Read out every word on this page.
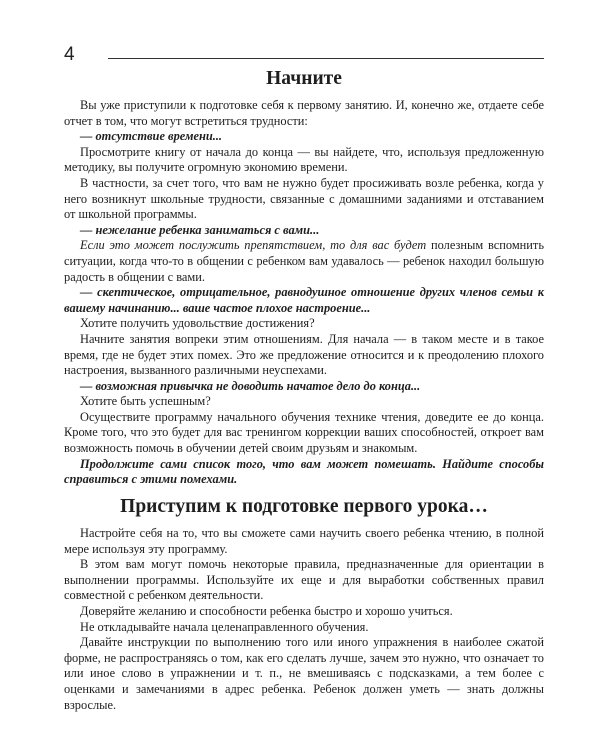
4
Начните

Вы уже приступили к подготовке себя к первому занятию. И, конечно же, отдаете себе отчет в том, что могут встретиться трудности:

— отсутствие времени...

Просмотрите книгу от начала до конца — вы найдете, что, используя предложенную методику, вы получите огромную экономию времени.

В частности, за счет того, что вам не нужно будет просиживать возле ребенка, когда у него возникнут школьные трудности, связанные с домашними заданиями и отставанием от школьной программы.

— нежелание ребенка заниматься с вами...

Если это может послужить препятствием, то для вас будет полезным вспомнить ситуации, когда что-то в общении с ребенком вам удавалось — ребенок находил большую радость в общении с вами.

— скептическое, отрицательное, равнодушное отношение других членов семьи к вашему начинанию... ваше частое плохое настроение...

Хотите получить удовольствие достижения?

Начните занятия вопреки этим отношениям. Для начала — в таком месте и в такое время, где не будет этих помех. Это же предложение относится и к преодолению плохого настроения, вызванного различными неуспехами.

— возможная привычка не доводить начатое дело до конца...

Хотите быть успешным?

Осуществите программу начального обучения технике чтения, доведите ее до конца. Кроме того, что это будет для вас тренингом коррекции ваших способностей, откроет вам возможность помочь в обучении детей своим друзьям и знакомым.

Продолжите сами список того, что вам может помешать. Найдите способы справиться с этими помехами.

Приступим к подготовке первого урока…

Настройте себя на то, что вы сможете сами научить своего ребенка чтению, в полной мере используя эту программу.

В этом вам могут помочь некоторые правила, предназначенные для ориентации в выполнении программы. Используйте их еще и для выработки собственных правил совместной с ребенком деятельности.

Доверяйте желанию и способности ребенка быстро и хорошо учиться.

Не откладывайте начала целенаправленного обучения.

Давайте инструкции по выполнению того или иного упражнения в наиболее сжатой форме, не распространяясь о том, как его сделать лучше, зачем это нужно, что означает то или иное слово в упражнении и т. п., не вмешиваясь с подсказками, а тем более с оценками и замечаниями в адрес ребенка. Ребенок должен уметь — знать должны взрослые.
